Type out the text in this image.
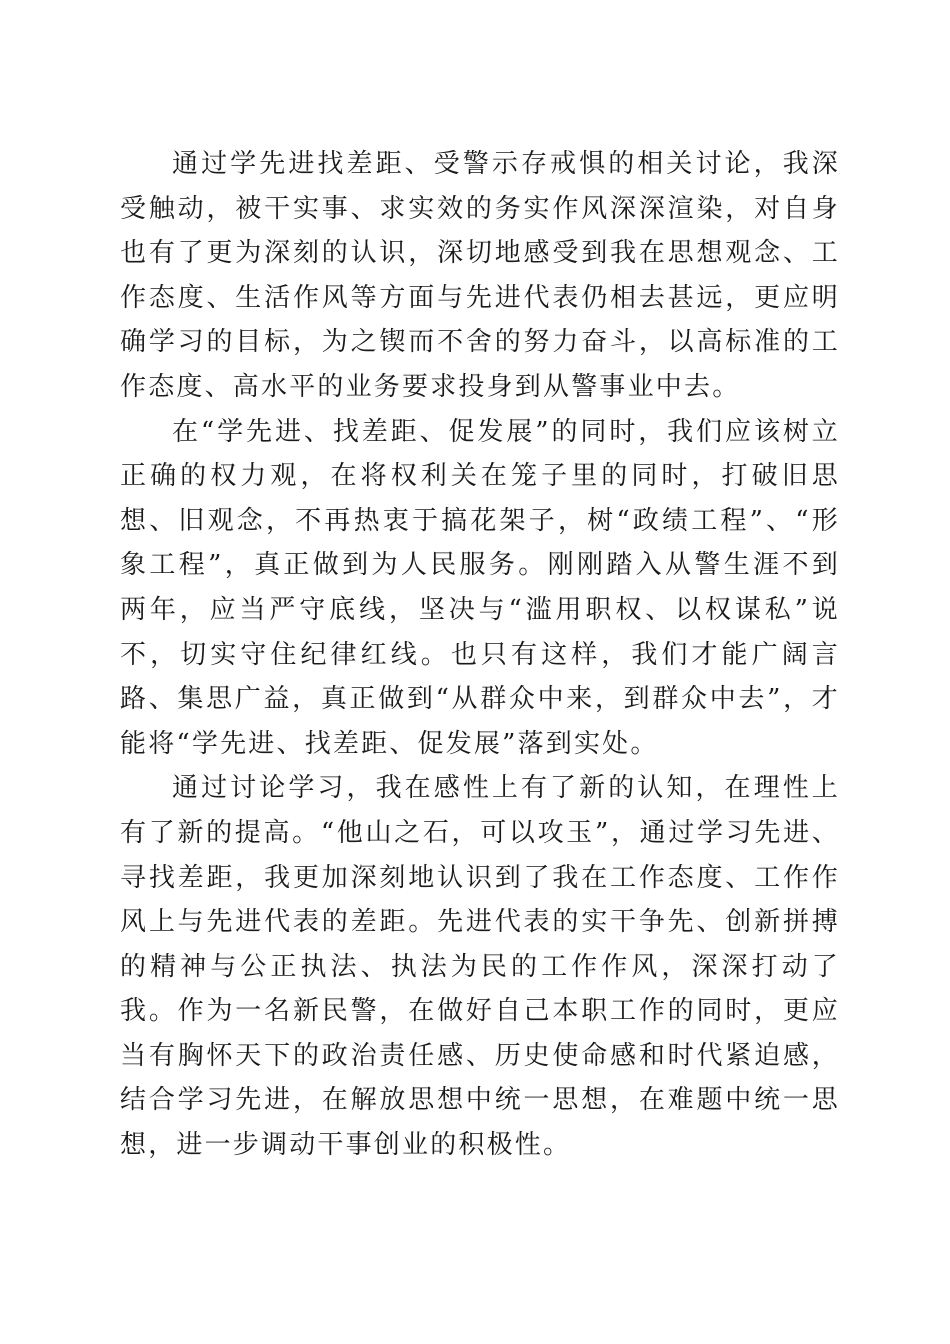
通过学先进找差距、受警示存戒惧的相关讨论，我深受触动，被干实事、求实效的务实作风深深渲染，对自身也有了更为深刻的认识，深切地感受到我在思想观念、工作态度、生活作风等方面与先进代表仍相去甚远，更应明确学习的目标，为之锲而不舍的努力奋斗，以高标准的工作态度、高水平的业务要求投身到从警事业中去。

在“学先进、找差距、促发展”的同时，我们应该树立正确的权力观，在将权利关在笼子里的同时，打破旧思想、旧观念，不再热衷于搞花架子，树“政绩工程”、“形象工程”，真正做到为人民服务。刚刚踏入从警生涯不到两年，应当严守底线，坚决与“滥用职权、以权谋私”说不，切实守住纪律红线。也只有这样，我们才能广阔言路、集思广益，真正做到“从群众中来，到群众中去”，才能将“学先进、找差距、促发展”落到实处。

通过讨论学习，我在感性上有了新的认知，在理性上有了新的提高。“他山之石，可以攻玉”，通过学习先进、寻找差距，我更加深刻地认识到了我在工作态度、工作作风上与先进代表的差距。先进代表的实干争先、创新拼搏的精神与公正执法、执法为民的工作作风，深深打动了我。作为一名新民警，在做好自己本职工作的同时，更应当有胸怀天下的政治责任感、历史使命感和时代紧迫感，结合学习先进，在解放思想中统一思想，在难题中统一思想，进一步调动干事创业的积极性。
